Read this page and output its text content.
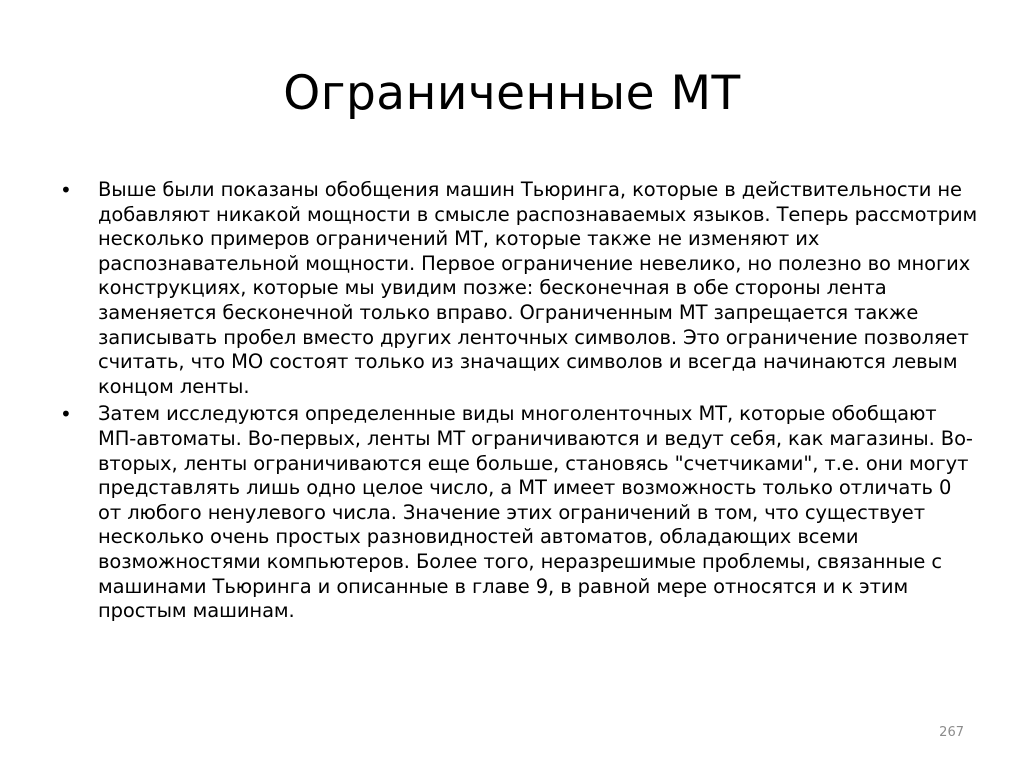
Ограниченные МТ
•	Выше были показаны обобщения машин Тьюринга, которые в действительности не добавляют никакой мощности в смысле распознаваемых языков. Теперь рассмотрим несколько примеров ограничений МТ, которые также не изменяют их распознавательной мощности. Первое ограничение невелико, но полезно во многих конструкциях, которые мы увидим позже: бесконечная в обе стороны лента заменяется бесконечной только вправо. Ограниченным МТ запрещается также записывать пробел вместо других ленточных символов. Это ограничение позволяет считать, что МО состоят только из значащих символов и всегда начинаются левым концом ленты.
•	Затем исследуются определенные виды многоленточных МТ, которые обобщают МП-автоматы. Во-первых, ленты МТ ограничиваются и ведут себя, как магазины. Во- вторых, ленты ограничиваются еще больше, становясь "счетчиками", т.е. они могут представлять лишь одно целое число, а МТ имеет возможность только отличать 0 от любого ненулевого числа. Значение этих ограничений в том, что существует несколько очень простых разновидностей автоматов, обладающих всеми возможностями компьютеров. Более того, неразрешимые проблемы, связанные с машинами Тьюринга и описанные в главе 9, в равной мере относятся и к этим простым машинам.
267
